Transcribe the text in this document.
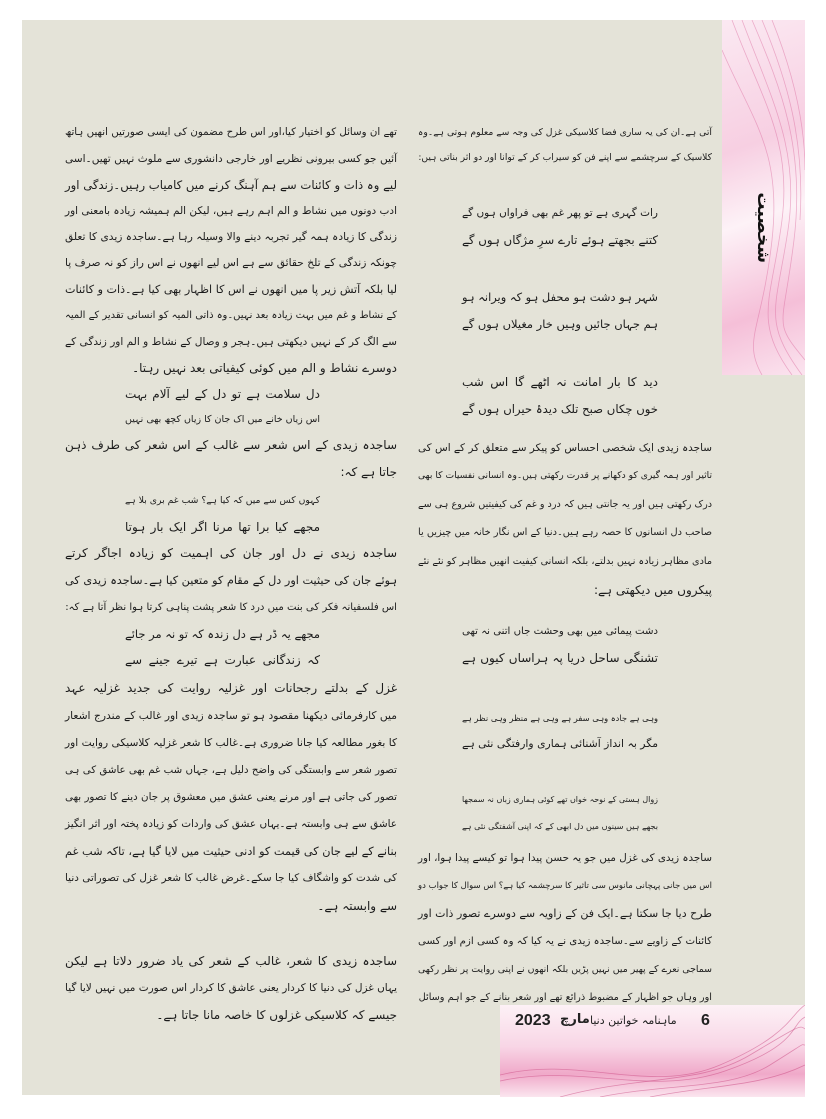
شخصیت
6
ماہنامہ خواتین دنیا
مارچ
2023
آتی ہے۔ان کی یہ ساری فضا کلاسیکی غزل کی وجہ سے معلوم ہوتی ہے۔وہ
کلاسیک کے سرچشمے سے اپنے فن کو سیراب کر کے توانا اور دو اثر بناتی ہیں:
رات گہری ہے تو پھر غم بھی فراواں ہوں گے
کتنے بجھتے ہوئے تارے سرِ مژگاں ہوں گے
شہر ہو دشت ہو محفل ہو کہ ویرانہ ہو
ہم جہاں جائیں وہیں خار مغیلاں ہوں گے
دید کا بار امانت نہ اٹھے گا اس شب
خوں چکاں صبح تلک دیدۂ حیراں ہوں گے
ساجدہ زیدی ایک شخصی احساس کو پیکر سے متعلق کر کے اس کی
تاثیر اور ہمہ گیری کو دکھانے پر قدرت رکھتی ہیں۔وہ انسانی نفسیات کا بھی
درک رکھتی ہیں اور یہ جانتی ہیں کہ درد و غم کی کیفیتیں شروع ہی سے
صاحب دل انسانوں کا حصہ رہے ہیں۔دنیا کے اس نگار خانہ میں چیزیں یا
مادی مظاہر زیادہ نہیں بدلتے، بلکہ انسانی کیفیت انھیں مظاہر کو نئے نئے
پیکروں میں دیکھتی ہے:
دشت پیمائی میں بھی وحشت جاں اتنی نہ تھی
تشنگی ساحل دریا پہ ہراساں کیوں ہے
وہی ہے جادہ وہی سفر ہے وہی ہے منظر وہی نظر ہے
مگر بہ انداز آشنائی ہماری وارفتگی نئی ہے
زوال ہستی کے نوحہ خواں تھے کوئی ہماری زباں نہ سمجھا
بجھے ہیں سینوں میں دل ابھی کے کہ اپنی آشفتگی نئی ہے
ساجدہ زیدی کی غزل میں جو یہ حسن پیدا ہوا تو کیسے پیدا ہوا، اور
اس میں جانی پہچانی مانوس سی تاثیر کا سرچشمہ کیا ہے؟ اس سوال کا جواب دو
طرح دیا جا سکتا ہے۔ایک فن کے زاویہ سے دوسرے تصور ذات اور
کائنات کے زاویے سے۔ساجدہ زیدی نے یہ کیا کہ وہ کسی ازم اور کسی
سماجی نعرے کے پھیر میں نہیں پڑیں بلکہ انھوں نے اپنی روایت پر نظر رکھی
اور وہاں جو اظہار کے مضبوط ذرائع تھے اور شعر بنانے کے جو اہم وسائل
تھے ان وسائل کو اختیار کیا،اور اس طرح مضمون کی ایسی صورتیں انھیں ہاتھ
آئیں جو کسی بیرونی نظریے اور خارجی دانشوری سے ملوث نہیں تھیں۔اسی
لیے وہ ذات و کائنات سے ہم آہنگ کرنے میں کامیاب رہیں۔زندگی اور
ادب دونوں میں نشاط و الم اہم رہے ہیں، لیکن الم ہمیشہ زیادہ بامعنی اور
زندگی کا زیادہ ہمہ گیر تجربہ دینے والا وسیلہ رہا ہے۔ساجدہ زیدی کا تعلق
چونکہ زندگی کے تلخ حقائق سے ہے اس لیے انھوں نے اس راز کو نہ صرف پا
لیا بلکہ آتش زیر پا میں انھوں نے اس کا اظہار بھی کیا ہے۔ذات و کائنات
کے نشاط و غم میں بہت زیادہ بعد نہیں۔وہ ذاتی المیہ کو انسانی تقدیر کے المیہ
سے الگ کر کے نہیں دیکھتی ہیں۔ہجر و وصال کے نشاط و الم اور زندگی کے
دوسرے نشاط و الم میں کوئی کیفیاتی بعد نہیں رہتا۔
دل سلامت ہے تو دل کے لیے آلام بہت
اس زیاں خانے میں اک جان کا زیاں کچھ بھی نہیں
ساجدہ زیدی کے اس شعر سے غالب کے اس شعر کی طرف ذہن
جاتا ہے کہ:
کہوں کس سے میں کہ کیا ہے؟ شب غم بری بلا ہے
مجھے کیا برا تھا مرنا اگر ایک بار ہوتا
ساجدہ زیدی نے دل اور جان کی اہمیت کو زیادہ اجاگر کرتے
ہوئے جان کی حیثیت اور دل کے مقام کو متعین کیا ہے۔ساجدہ زیدی کی
اس فلسفیانہ فکر کی بنت میں درد کا شعر پشت پناہی کرتا ہوا نظر آتا ہے کہ:
مجھے یہ ڈر ہے دل زندہ کہ تو نہ مر جائے
کہ زندگانی عبارت ہے تیرے جینے سے
غزل کے بدلتے رجحانات اور غزلیہ روایت کی جدید غزلیہ عہد
میں کارفرمائی دیکھنا مقصود ہو تو ساجدہ زیدی اور غالب کے مندرج اشعار
کا بغور مطالعہ کیا جانا ضروری ہے۔غالب کا شعر غزلیہ کلاسیکی روایت اور
تصور شعر سے وابستگی کی واضح دلیل ہے، جہاں شب غم بھی عاشق کی ہی
تصور کی جاتی ہے اور مرنے یعنی عشق میں معشوق پر جان دینے کا تصور بھی
عاشق سے ہی وابستہ ہے۔یہاں عشق کی واردات کو زیادہ پختہ اور اثر انگیز
بنانے کے لیے جان کی قیمت کو ادنی حیثیت میں لایا گیا ہے، تاکہ شب غم
کی شدت کو واشگاف کیا جا سکے۔غرض غالب کا شعر غزل کی تصوراتی دنیا
سے وابستہ ہے۔
ساجدہ زیدی کا شعر، غالب کے شعر کی یاد ضرور دلاتا ہے لیکن
یہاں غزل کی دنیا کا کردار یعنی عاشق کا کردار اس صورت میں نہیں لایا گیا
جیسے کہ کلاسیکی غزلوں کا خاصہ مانا جاتا ہے۔
